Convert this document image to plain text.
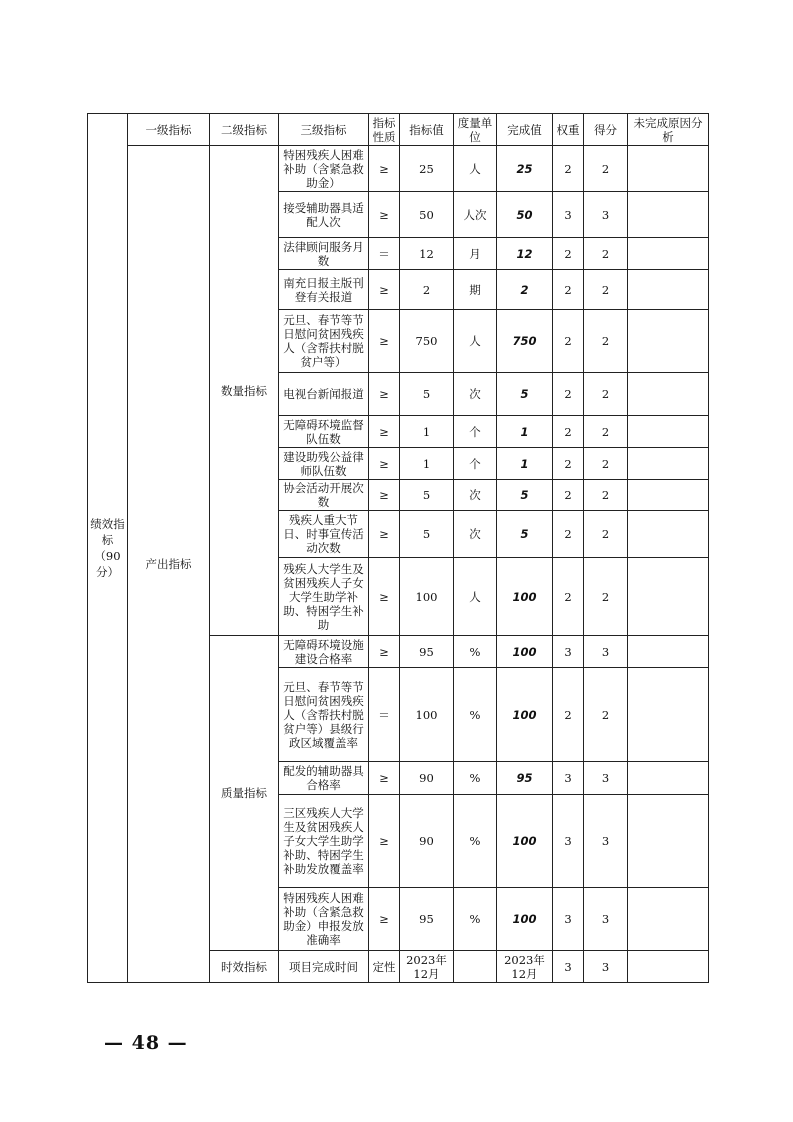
绩效指标（90分）	一级指标	二级指标	三级指标	指标性质	指标值	度量单位	完成值	权重	得分	未完成原因分析
	产出指标	数量指标	特困残疾人困难补助（含紧急救助金）	≥	25	人	25	2	2	
			接受辅助器具适配人次	≥	50	人次	50	3	3	
			法律顾问服务月数	＝	12	月	12	2	2	
			南充日报主版刊登有关报道	≥	2	期	2	2	2	
			元旦、春节等节日慰问贫困残疾人（含帮扶村脱贫户等）	≥	750	人	750	2	2	
			电视台新闻报道	≥	5	次	5	2	2	
			无障碍环境监督队伍数	≥	1	个	1	2	2	
			建设助残公益律师队伍数	≥	1	个	1	2	2	
			协会活动开展次数	≥	5	次	5	2	2	
			残疾人重大节日、时事宣传活动次数	≥	5	次	5	2	2	
			残疾人大学生及贫困残疾人子女大学生助学补助、特困学生补助	≥	100	人	100	2	2	
		质量指标	无障碍环境设施建设合格率	≥	95	%	100	3	3	
			元旦、春节等节日慰问贫困残疾人（含帮扶村脱贫户等）县级行政区域覆盖率	＝	100	%	100	2	2	
			配发的辅助器具合格率	≥	90	%	95	3	3	
			三区残疾人大学生及贫困残疾人子女大学生助学补助、特困学生补助发放覆盖率	≥	90	%	100	3	3	
			特困残疾人困难补助（含紧急救助金）申报发放准确率	≥	95	%	100	3	3	
		时效指标	项目完成时间	定性	2023年12月		2023年12月	3	3	
— 48 —
